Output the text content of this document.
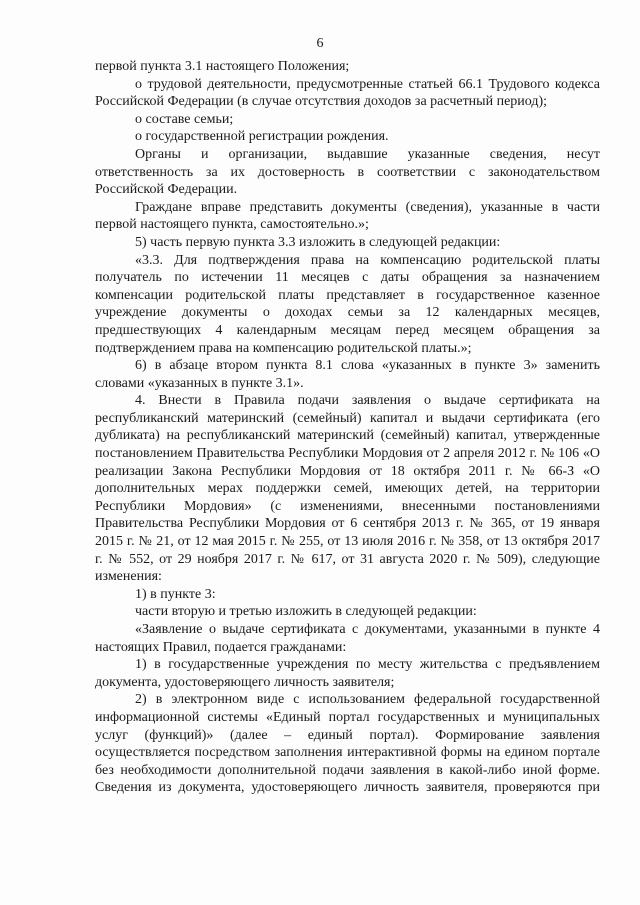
6

первой пункта 3.1 настоящего Положения;

о трудовой деятельности, предусмотренные статьей 66.1 Трудового кодекса Российской Федерации (в случае отсутствия доходов за расчетный период);

о составе семьи;

о государственной регистрации рождения.

Органы и организации, выдавшие указанные сведения, несут ответственность за их достоверность в соответствии с законодательством Российской Федерации.

Граждане вправе представить документы (сведения), указанные в части первой настоящего пункта, самостоятельно.»;

5) часть первую пункта 3.3 изложить в следующей редакции:

«3.3. Для подтверждения права на компенсацию родительской платы получатель по истечении 11 месяцев с даты обращения за назначением компенсации родительской платы представляет в государственное казенное учреждение документы о доходах семьи за 12 календарных месяцев, предшествующих 4 календарным месяцам перед месяцем обращения за подтверждением права на компенсацию родительской платы.»;

6) в абзаце втором пункта 8.1 слова «указанных в пункте 3» заменить словами «указанных в пункте 3.1».

4. Внести в Правила подачи заявления о выдаче сертификата на республиканский материнский (семейный) капитал и выдачи сертификата (его дубликата) на республиканский материнский (семейный) капитал, утвержденные постановлением Правительства Республики Мордовия от 2 апреля 2012 г. № 106 «О реализации Закона Республики Мордовия от 18 октября 2011 г. № 66-З «О дополнительных мерах поддержки семей, имеющих детей, на территории Республики Мордовия» (с изменениями, внесенными постановлениями Правительства Республики Мордовия от 6 сентября 2013 г. № 365, от 19 января 2015 г. № 21, от 12 мая 2015 г. № 255, от 13 июля 2016 г. № 358, от 13 октября 2017 г. № 552, от 29 ноября 2017 г. № 617, от 31 августа 2020 г. № 509), следующие изменения:

1) в пункте 3:

части вторую и третью изложить в следующей редакции:

«Заявление о выдаче сертификата с документами, указанными в пункте 4 настоящих Правил, подается гражданами:

1) в государственные учреждения по месту жительства с предъявлением документа, удостоверяющего личность заявителя;

2) в электронном виде с использованием федеральной государственной информационной системы «Единый портал государственных и муниципальных услуг (функций)» (далее – единый портал). Формирование заявления осуществляется посредством заполнения интерактивной формы на едином портале без необходимости дополнительной подачи заявления в какой-либо иной форме. Сведения из документа, удостоверяющего личность заявителя, проверяются при
